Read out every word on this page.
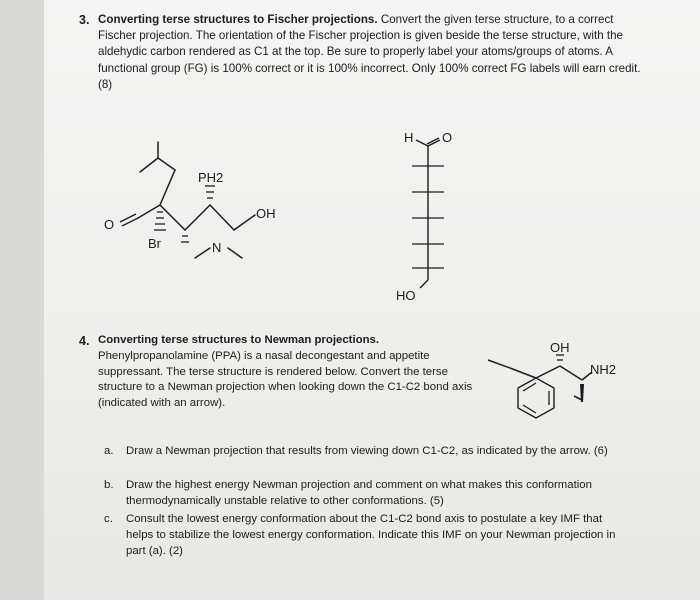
3. Converting terse structures to Fischer projections. Convert the given terse structure, to a correct Fischer projection. The orientation of the Fischer projection is given beside the terse structure, with the aldehydic carbon rendered as C1 at the top. Be sure to properly label your atoms/groups of atoms. A functional group (FG) is 100% correct or it is 100% incorrect. Only 100% correct FG labels will earn credit. (8)
O
PH2
OH
Br	N
H O
HO
4. Converting terse structures to Newman projections. Phenylpropanolamine (PPA) is a nasal decongestant and appetite suppressant. The terse structure is rendered below. Convert the terse structure to a Newman projection when looking down the C1-C2 bond axis (indicated with an arrow).
OH
NH2
a. Draw a Newman projection that results from viewing down C1-C2, as indicated by the arrow. (6)
b. Draw the highest energy Newman projection and comment on what makes this conformation thermodynamically unstable relative to other conformations. (5)
c. Consult the lowest energy conformation about the C1-C2 bond axis to postulate a key IMF that helps to stabilize the lowest energy conformation. Indicate this IMF on your Newman projection in part (a). (2)
